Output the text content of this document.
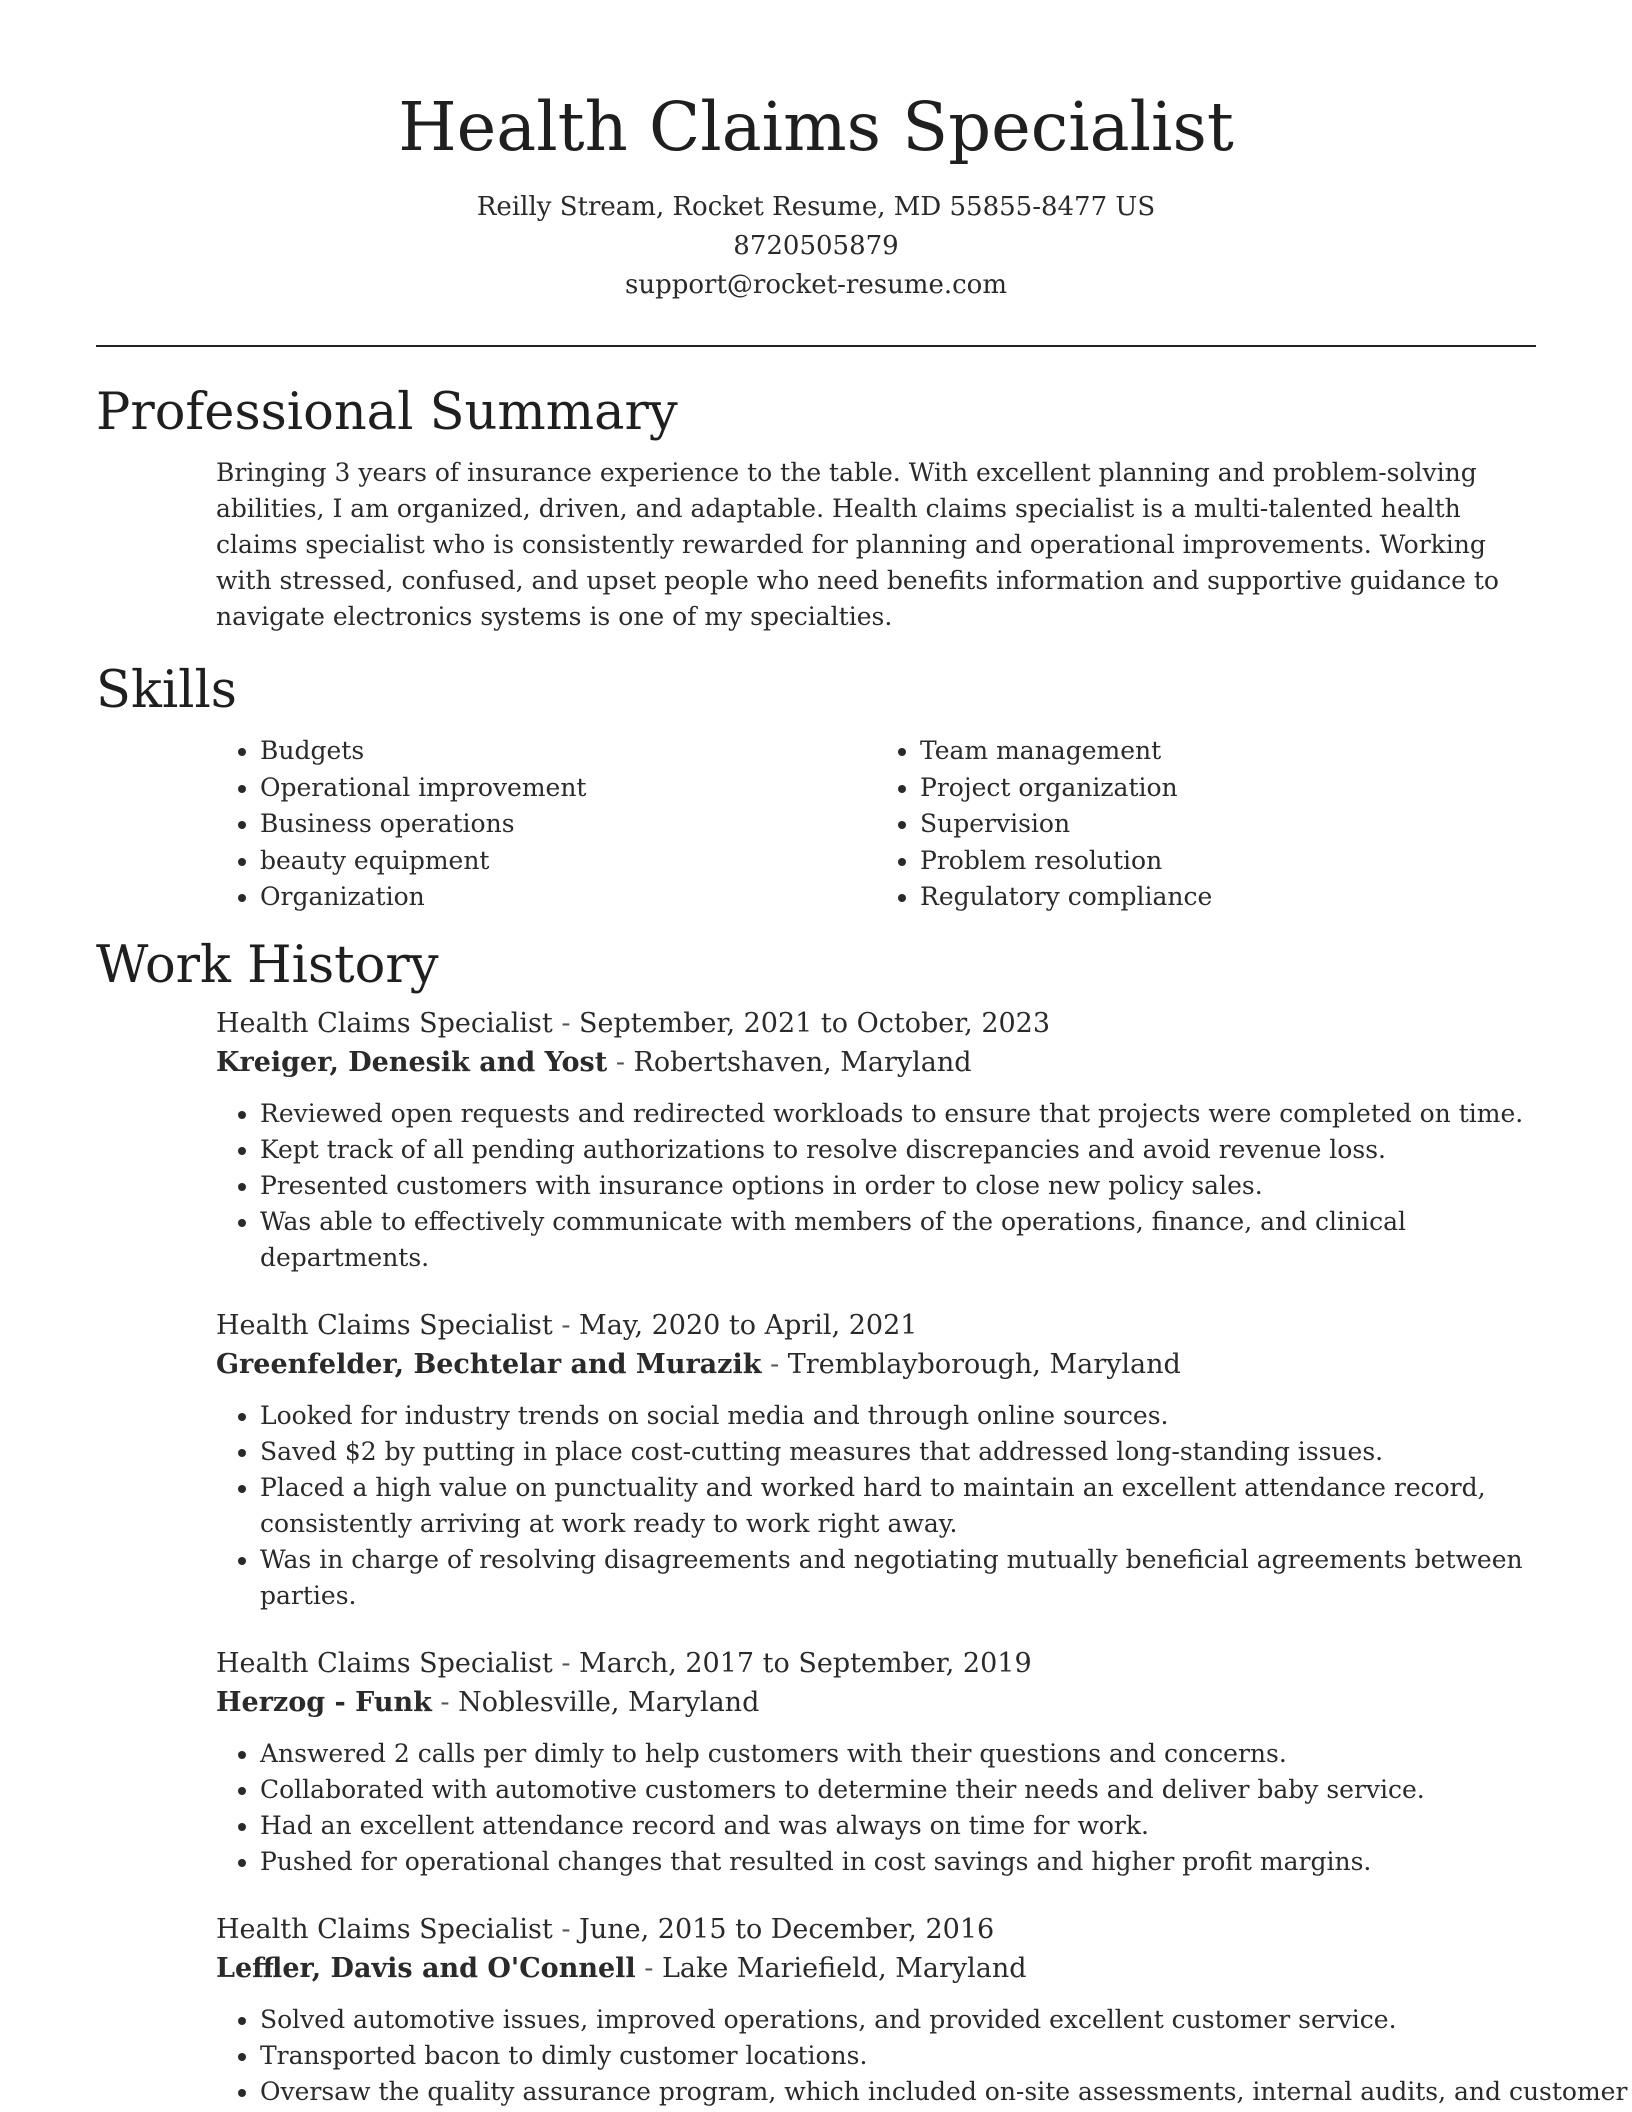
Health Claims Specialist
Reilly Stream, Rocket Resume, MD 55855-8477 US
8720505879
support@rocket-resume.com
Professional Summary

Bringing 3 years of insurance experience to the table. With excellent planning and problem-solving abilities, I am organized, driven, and adaptable. Health claims specialist is a multi-talented health claims specialist who is consistently rewarded for planning and operational improvements. Working with stressed, confused, and upset people who need benefits information and supportive guidance to navigate electronics systems is one of my specialties.

Skills
• Budgets
• Operational improvement
• Business operations
• beauty equipment
• Organization
• Team management
• Project organization
• Supervision
• Problem resolution
• Regulatory compliance
Work History
Health Claims Specialist - September, 2021 to October, 2023
Kreiger, Denesik and Yost - Robertshaven, Maryland
• Reviewed open requests and redirected workloads to ensure that projects were completed on time.
• Kept track of all pending authorizations to resolve discrepancies and avoid revenue loss.
• Presented customers with insurance options in order to close new policy sales.
• Was able to effectively communicate with members of the operations, finance, and clinical departments.
Health Claims Specialist - May, 2020 to April, 2021
Greenfelder, Bechtelar and Murazik - Tremblayborough, Maryland
• Looked for industry trends on social media and through online sources.
• Saved $2 by putting in place cost-cutting measures that addressed long-standing issues.
• Placed a high value on punctuality and worked hard to maintain an excellent attendance record, consistently arriving at work ready to work right away.
• Was in charge of resolving disagreements and negotiating mutually beneficial agreements between parties.
Health Claims Specialist - March, 2017 to September, 2019
Herzog - Funk - Noblesville, Maryland
• Answered 2 calls per dimly to help customers with their questions and concerns.
• Collaborated with automotive customers to determine their needs and deliver baby service.
• Had an excellent attendance record and was always on time for work.
• Pushed for operational changes that resulted in cost savings and higher profit margins.
Health Claims Specialist - June, 2015 to December, 2016
Leffler, Davis and O'Connell - Lake Mariefield, Maryland
• Solved automotive issues, improved operations, and provided excellent customer service.
• Transported bacon to dimly customer locations.
• Oversaw the quality assurance program, which included on-site assessments, internal audits, and customer
